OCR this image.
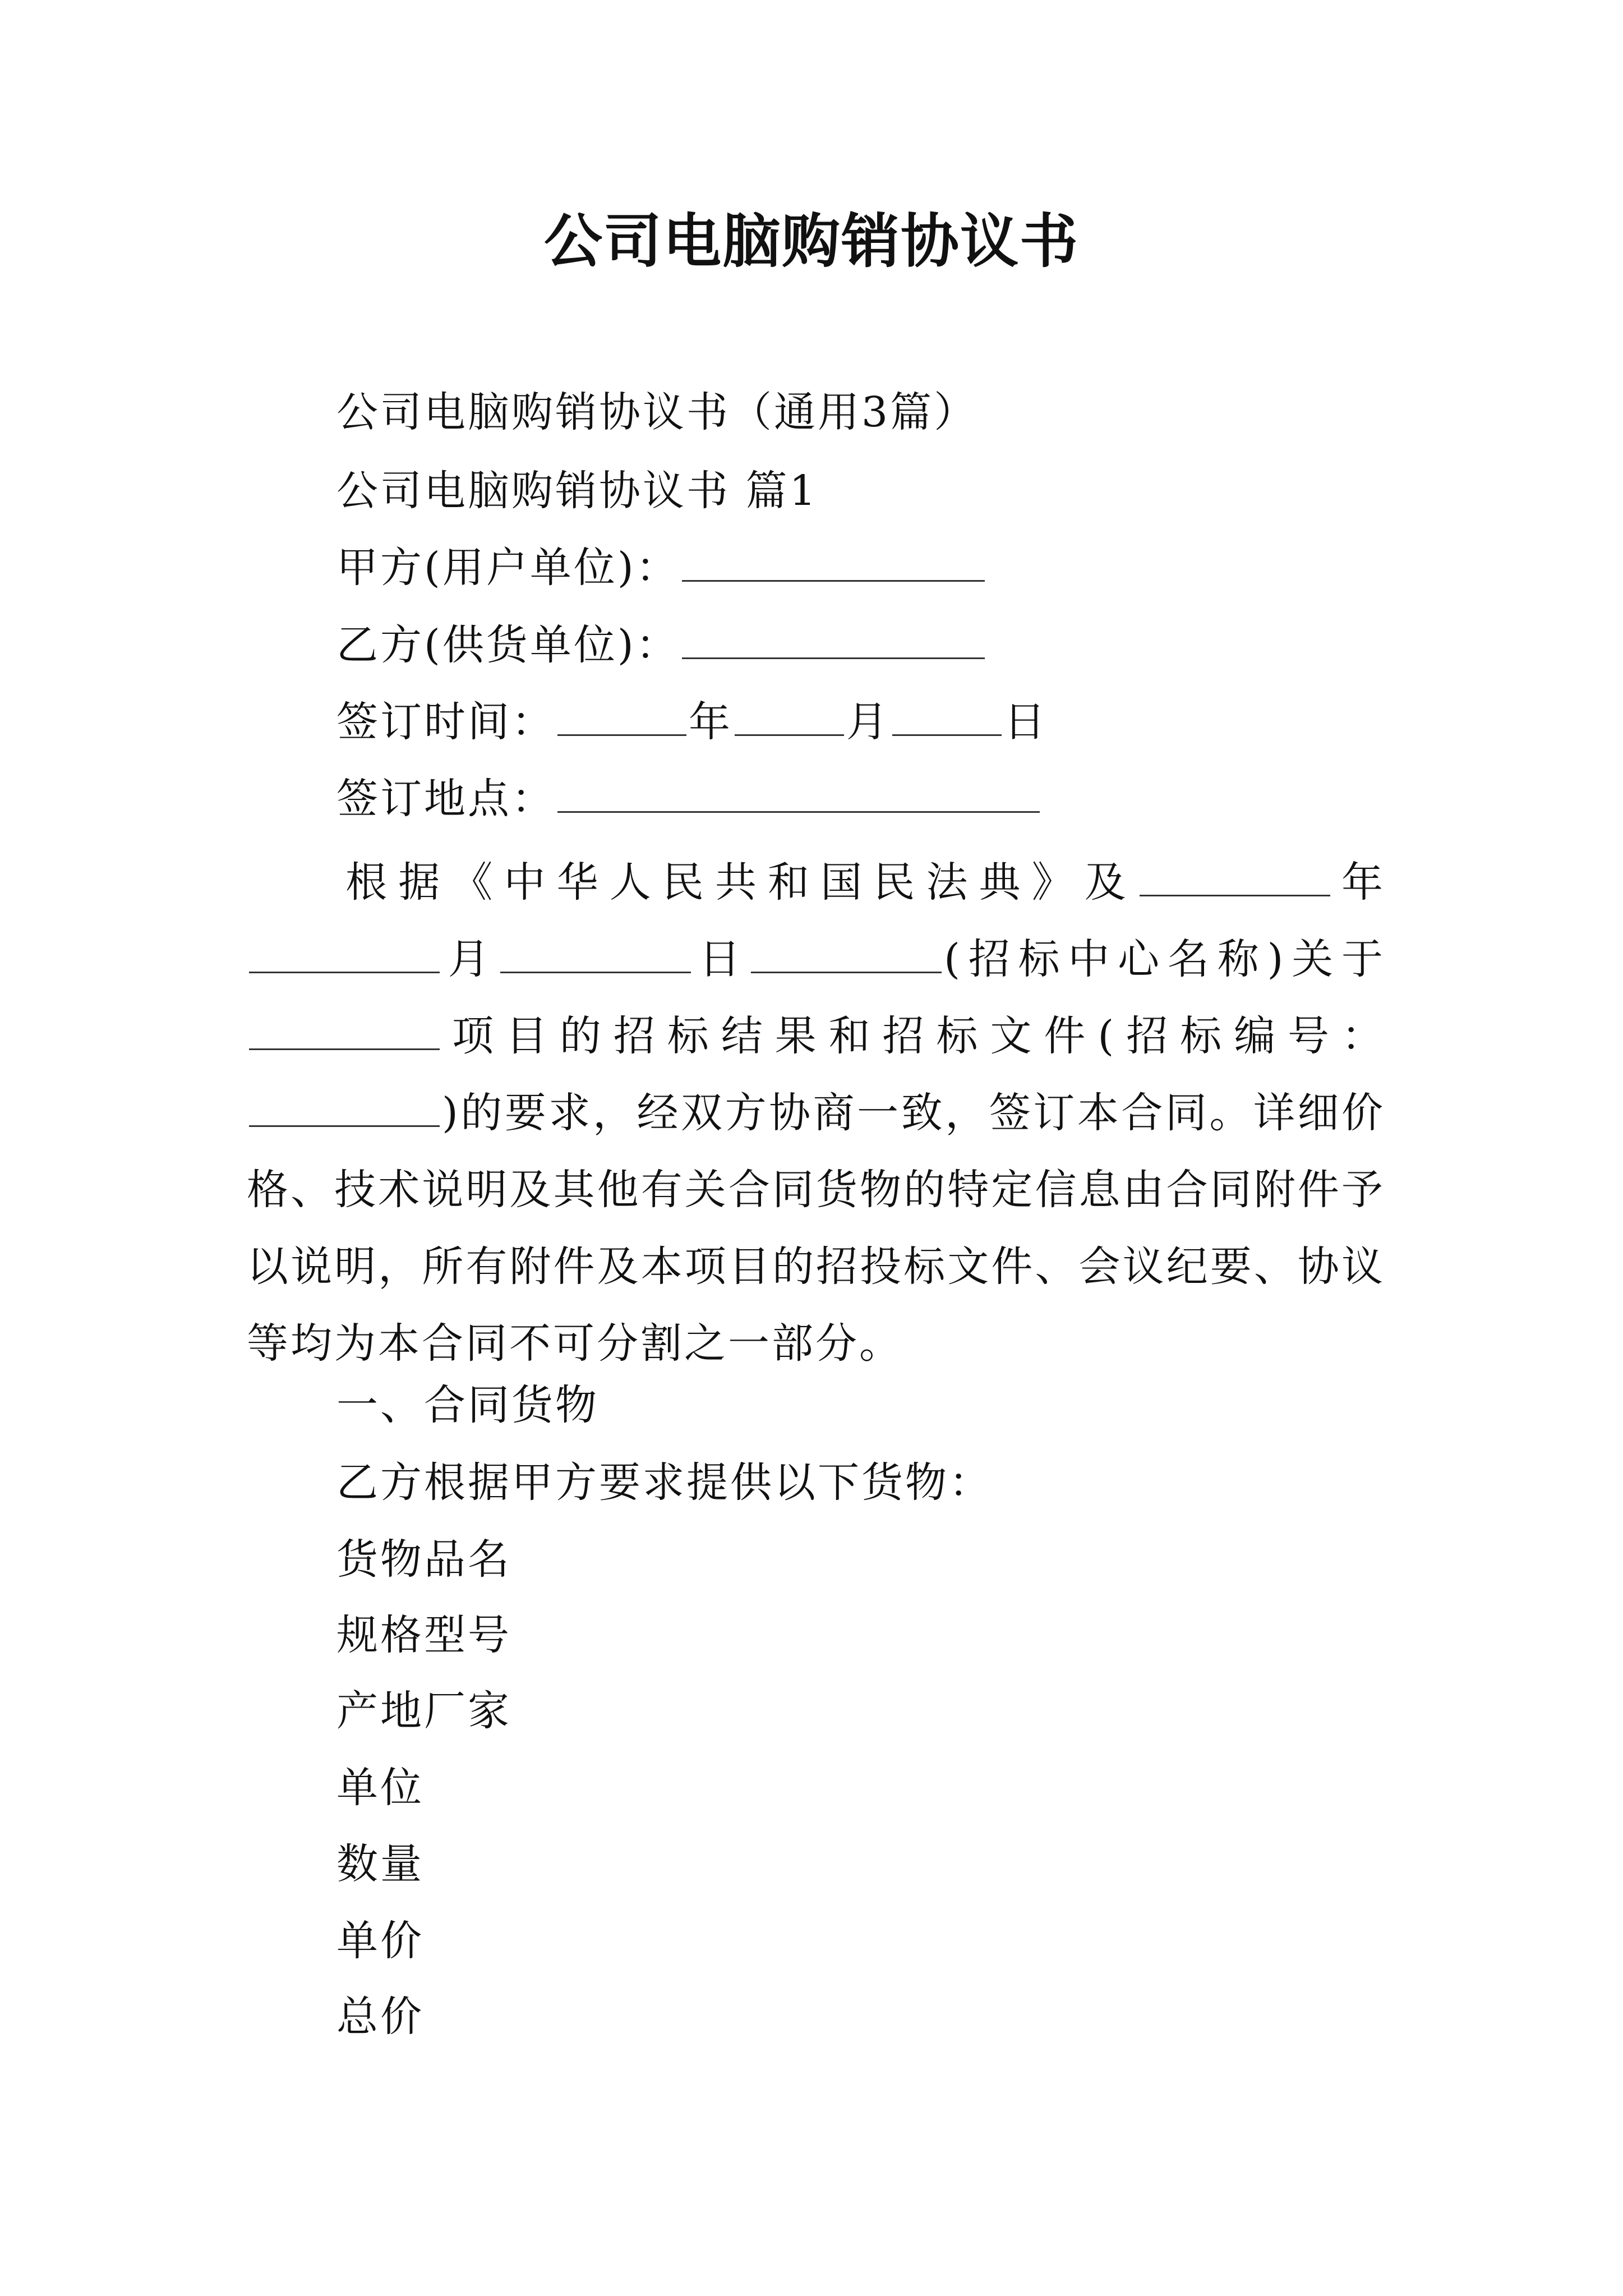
公司电脑购销协议书
公司电脑购销协议书（通用3篇）
公司电脑购销协议书 篇1
甲方(用户单位)：
乙方(供货单位)：
签订时间：	年	月	日
签订地点：
根据《中华人民共和国民法典》及	年月	日	(招标中心名称)关于项目的招标结果和招标文件(招标编号：)的要求，经双方协商一致，签订本合同。详细价格、技术说明及其他有关合同货物的特定信息由合同附件予以说明，所有附件及本项目的招投标文件、会议纪要、协议等均为本合同不可分割之一部分。
一、合同货物
乙方根据甲方要求提供以下货物：
货物品名
规格型号
产地厂家
单位
数量
单价
总价
